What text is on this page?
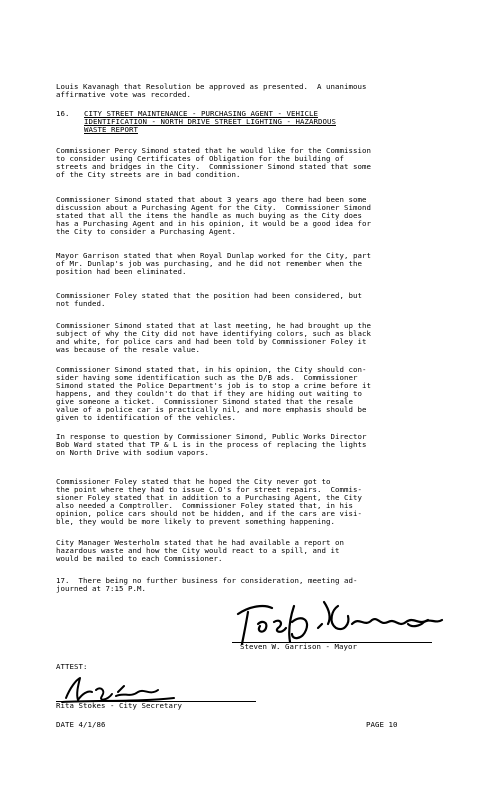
Louis Kavanagh that Resolution be approved as presented.  A unanimous
affirmative vote was recorded.
16.	CITY STREET MAINTENANCE - PURCHASING AGENT - VEHICLE
IDENTIFICATION - NORTH DRIVE STREET LIGHTING - HAZARDOUS
WASTE REPORT
Commissioner Percy Simond stated that he would like for the Commission
to consider using Certificates of Obligation for the building of
streets and bridges in the City.  Commissioner Simond stated that some
of the City streets are in bad condition.
Commissioner Simond stated that about 3 years ago there had been some
discussion about a Purchasing Agent for the City.  Commissioner Simond
stated that all the items the handle as much buying as the City does
has a Purchasing Agent and in his opinion, it would be a good idea for
the City to consider a Purchasing Agent.
Mayor Garrison stated that when Royal Dunlap worked for the City, part
of Mr. Dunlap's job was purchasing, and he did not remember when the
position had been eliminated.
Commissioner Foley stated that the position had been considered, but
not funded.
Commissioner Simond stated that at last meeting, he had brought up the
subject of why the City did not have identifying colors, such as black
and white, for police cars and had been told by Commissioner Foley it
was because of the resale value.
Commissioner Simond stated that, in his opinion, the City should con-
sider having some identification such as the D/B ads.  Commissioner
Simond stated the Police Department's job is to stop a crime before it
happens, and they couldn't do that if they are hiding out waiting to
give someone a ticket.  Commissioner Simond stated that the resale
value of a police car is practically nil, and more emphasis should be
given to identification of the vehicles.
In response to question by Commissioner Simond, Public Works Director
Bob Ward stated that TP & L is in the process of replacing the lights
on North Drive with sodium vapors.
Commissioner Foley stated that he hoped the City never got to
the point where they had to issue C.O's for street repairs.  Commis-
sioner Foley stated that in addition to a Purchasing Agent, the City
also needed a Comptroller.  Commissioner Foley stated that, in his
opinion, police cars should not be hidden, and if the cars are visi-
ble, they would be more likely to prevent something happening.
City Manager Westerholm stated that he had available a report on
hazardous waste and how the City would react to a spill, and it
would be mailed to each Commissioner.
17.  There being no further business for consideration, meeting ad-
journed at 7:15 P.M.
Steven W. Garrison - Mayor
ATTEST:
Rita Stokes - City Secretary
DATE 4/1/86	PAGE 10
